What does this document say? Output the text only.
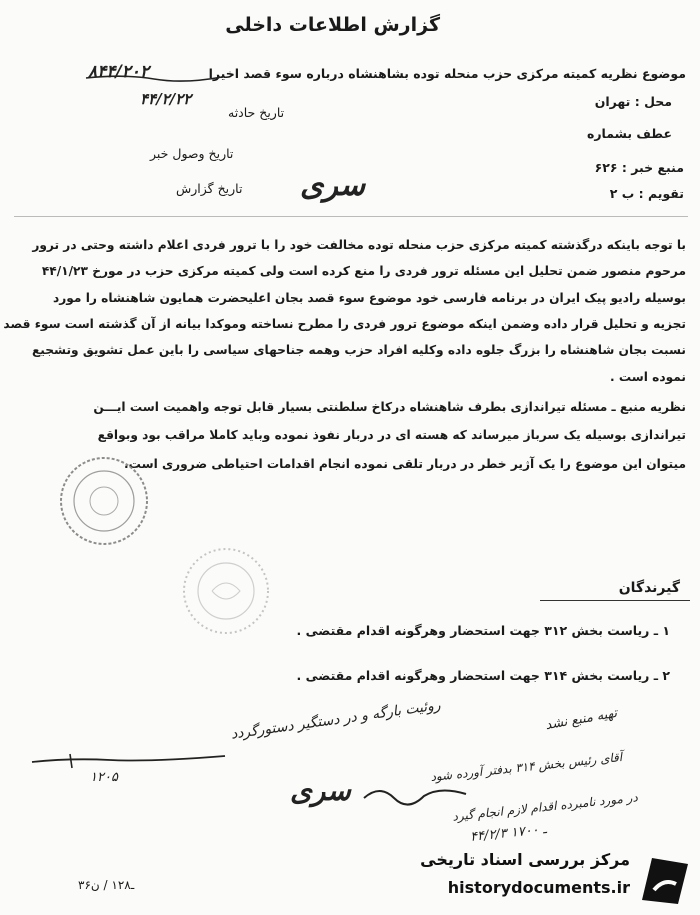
گزارش اطلاعات داخلی
موضوع نظریه کمیته مرکزی حزب منحله توده بشاهنشاه درباره سوء قصد اخیرا
۸۴۴/۲۰۲
محل : تهران
تاریخ حادثه
۴۴/۲/۲۲
عطف بشماره
تاریخ وصول خبر
منبع خبر : ۶۲۶
تاریخ گزارش سری	تقویم : ب ۲
با توجه باینکه درگذشته کمیته مرکزی حزب منحله توده مخالفت خود را با ترور فردی اعلام داشته وحتی در ترور
مرحوم منصور ضمن تحلیل این مسئله ترور فردی را منع کرده است ولی کمیته مرکزی حزب در مورخ ۴۴/۱/۲۳
بوسیله رادیو پیک ایران در برنامه فارسی خود موضوع سوء قصد بجان اعلیحضرت همایون شاهنشاه را مورد
تجزیه و تحلیل قرار داده وضمن اینکه موضوع ترور فردی را مطرح نساخته وموکدا بیانه از آن گذشته است سوء قصد
نسبت بجان شاهنشاه را بزرگ جلوه داده وکلیه افراد حزب وهمه جناحهای سیاسی را باین عمل تشویق وتشجیع
نموده است .
نظریه منبع ـ مسئله تیراندازی بطرف شاهنشاه درکاخ سلطنتی بسیار قابل توجه واهمیت است ایـــن
تیراندازی بوسیله یک سرباز میرساند که هسته ای در دربار نفوذ نموده وباید کاملا مراقب بود وبواقع
میتوان این موضوع را یک آژیر خطر در دربار تلقی نموده انجام اقدامات احتیاطی ضروری است.
گیرندگان
۱ ـ ریاست بخش ۳۱۲ جهت استحضار وهرگونه اقدام مقتضی .
۲ ـ ریاست بخش ۳۱۴ جهت استحضار وهرگونه اقدام مقتضی .
روئیت بارگه و در دستگیر دستورگردد
۱۲۰۵
تهیه منبع نشد
آقای رئیس بخش ۳۱۴ بدفتر آورده شود
در مورد نامبرده اقدام لازم انجام گیرد
۴۴/۲/۳ ـ ۱۷۰۰
سری
۳۶ـ۱۲۸ / ن
مرکز بررسی اسناد تاریخی
historydocuments.ir
